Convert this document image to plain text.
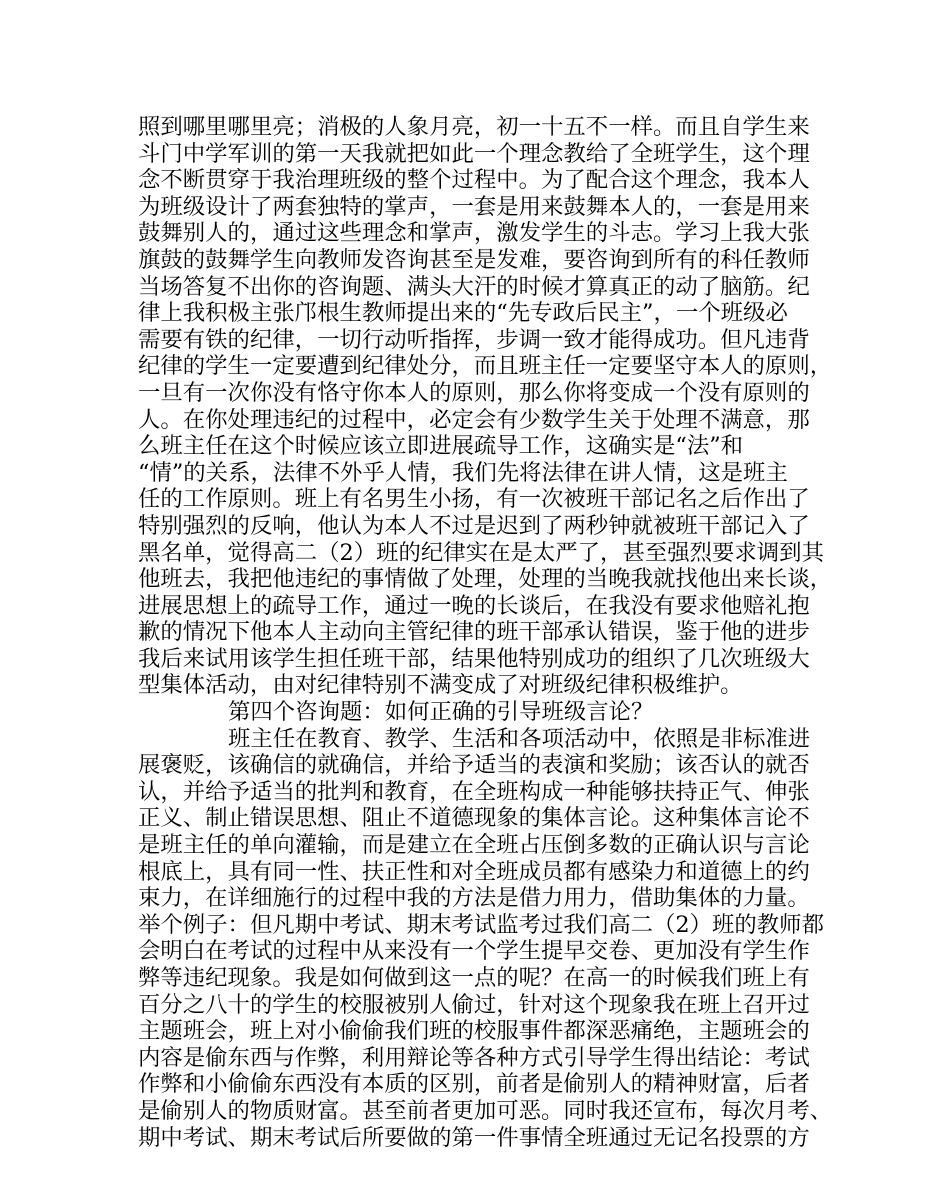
照到哪里哪里亮；消极的人象月亮，初一十五不一样。而且自学生来
斗门中学军训的第一天我就把如此一个理念教给了全班学生，这个理
念不断贯穿于我治理班级的整个过程中。为了配合这个理念，我本人
为班级设计了两套独特的掌声，一套是用来鼓舞本人的，一套是用来
鼓舞别人的，通过这些理念和掌声，激发学生的斗志。学习上我大张
旗鼓的鼓舞学生向教师发咨询甚至是发难，要咨询到所有的科任教师
当场答复不出你的咨询题、满头大汗的时候才算真正的动了脑筋。纪
律上我积极主张邝根生教师提出来的“先专政后民主”，一个班级必
需要有铁的纪律，一切行动听指挥，步调一致才能得成功。但凡违背
纪律的学生一定要遭到纪律处分，而且班主任一定要坚守本人的原则，
一旦有一次你没有恪守你本人的原则，那么你将变成一个没有原则的
人。在你处理违纪的过程中，必定会有少数学生关于处理不满意，那
么班主任在这个时候应该立即进展疏导工作，这确实是“法”和
“情”的关系，法律不外乎人情，我们先将法律在讲人情，这是班主
任的工作原则。班上有名男生小扬，有一次被班干部记名之后作出了
特别强烈的反响，他认为本人不过是迟到了两秒钟就被班干部记入了
黑名单，觉得高二（2）班的纪律实在是太严了，甚至强烈要求调到其
他班去，我把他违纪的事情做了处理，处理的当晚我就找他出来长谈，
进展思想上的疏导工作，通过一晚的长谈后，在我没有要求他赔礼抱
歉的情况下他本人主动向主管纪律的班干部承认错误，鉴于他的进步
我后来试用该学生担任班干部，结果他特别成功的组织了几次班级大
型集体活动，由对纪律特别不满变成了对班级纪律积极维护。
第四个咨询题：如何正确的引导班级言论？
班主任在教育、教学、生活和各项活动中，依照是非标准进
展褒贬，该确信的就确信，并给予适当的表演和奖励；该否认的就否
认，并给予适当的批判和教育，在全班构成一种能够扶持正气、伸张
正义、制止错误思想、阻止不道德现象的集体言论。这种集体言论不
是班主任的单向灌输，而是建立在全班占压倒多数的正确认识与言论
根底上，具有同一性、扶正性和对全班成员都有感染力和道德上的约
束力，在详细施行的过程中我的方法是借力用力，借助集体的力量。
举个例子：但凡期中考试、期末考试监考过我们高二（2）班的教师都
会明白在考试的过程中从来没有一个学生提早交卷、更加没有学生作
弊等违纪现象。我是如何做到这一点的呢？在高一的时候我们班上有
百分之八十的学生的校服被别人偷过，针对这个现象我在班上召开过
主题班会，班上对小偷偷我们班的校服事件都深恶痛绝，主题班会的
内容是偷东西与作弊，利用辩论等各种方式引导学生得出结论：考试
作弊和小偷偷东西没有本质的区别，前者是偷别人的精神财富，后者
是偷别人的物质财富。甚至前者更加可恶。同时我还宣布，每次月考、
期中考试、期末考试后所要做的第一件事情全班通过无记名投票的方
